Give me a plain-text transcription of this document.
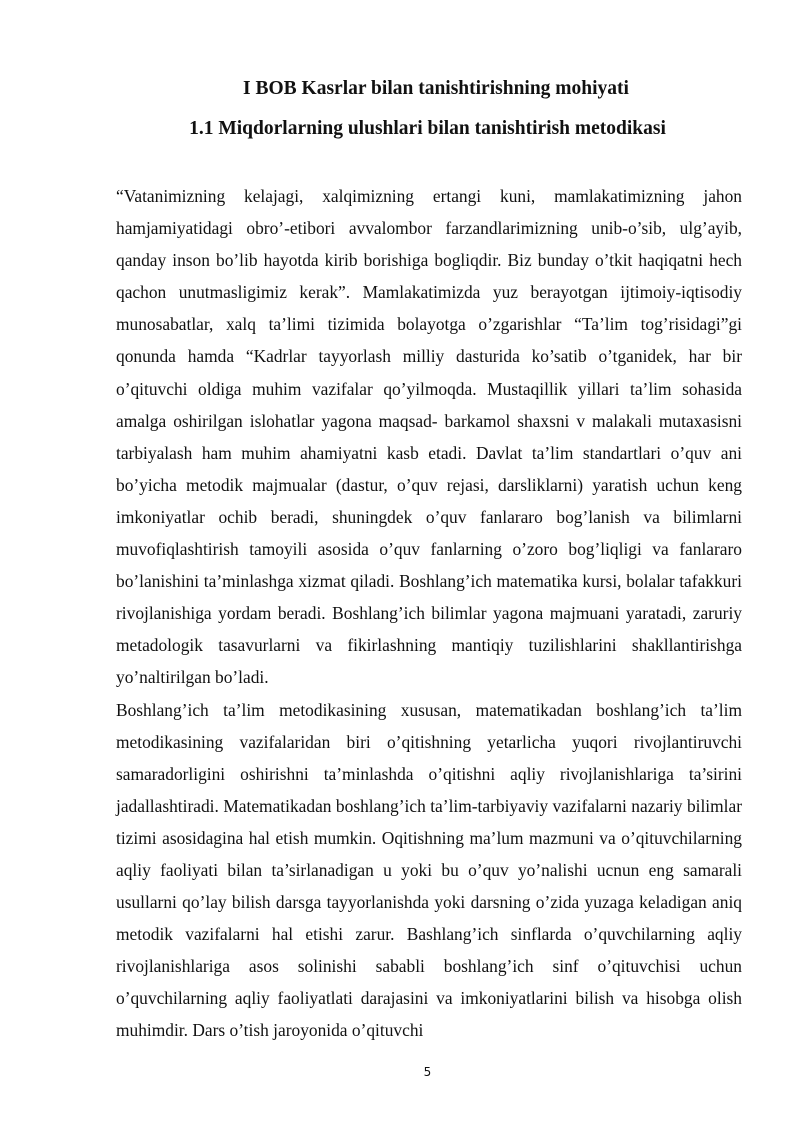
I BOB Kasrlar bilan tanishtirishning mohiyati
1.1 Miqdorlarning ulushlari bilan tanishtirish metodikasi

“Vatanimizning kelajagi, xalqimizning ertangi kuni, mamlakatimizning jahon hamjamiyatidagi obro’-etibori avvalombor farzandlarimizning unib-o’sib, ulg’ayib, qanday inson bo’lib hayotda kirib borishiga bogliqdir. Biz bunday o’tkit haqiqatni hech qachon unutmasligimiz kerak”. Mamlakatimizda yuz berayotgan ijtimoiy-iqtisodiy munosabatlar, xalq ta’limi tizimida bolayotga o’zgarishlar “Ta’lim tog’risidagi”gi qonunda hamda “Kadrlar tayyorlash milliy dasturida ko’satib o’tganidek, har bir o’qituvchi oldiga muhim vazifalar qo’yilmoqda. Mustaqillik yillari ta’lim sohasida amalga oshirilgan islohatlar yagona maqsad- barkamol shaxsni v malakali mutaxasisni tarbiyalash ham muhim ahamiyatni kasb etadi. Davlat ta’lim standartlari o’quv ani bo’yicha metodik majmualar (dastur, o’quv rejasi, darsliklarni) yaratish uchun keng imkoniyatlar ochib beradi, shuningdek o’quv fanlararo bog’lanish va bilimlarni muvofiqlashtirish tamoyili asosida o’quv fanlarning o’zoro bog’liqligi va fanlararo bo’lanishini ta’minlashga xizmat qiladi. Boshlang’ich matematika kursi, bolalar tafakkuri rivojlanishiga yordam beradi. Boshlang’ich bilimlar yagona majmuani yaratadi, zaruriy metadologik tasavurlarni va fikirlashning mantiqiy tuzilishlarini shakllantirishga yo’naltirilgan bo’ladi.

Boshlang’ich ta’lim metodikasining xususan, matematikadan boshlang’ich ta’lim metodikasining vazifalaridan biri o’qitishning yetarlicha yuqori rivojlantiruvchi samaradorligini oshirishni ta’minlashda o’qitishni aqliy rivojlanishlariga ta’sirini jadallashtiradi. Matematikadan boshlang’ich ta’lim-tarbiyaviy vazifalarni nazariy bilimlar tizimi asosidagina hal etish mumkin. Oqitishning ma’lum mazmuni va o’qituvchilarning aqliy faoliyati bilan ta’sirlanadigan u yoki bu o’quv yo’nalishi ucnun eng samarali usullarni qo’lay bilish darsga tayyorlanishda yoki darsning o’zida yuzaga keladigan aniq metodik vazifalarni hal etishi zarur. Bashlang’ich sinflarda o’quvchilarning aqliy rivojlanishlariga asos solinishi sababli boshlang’ich sinf o’qituvchisi uchun o’quvchilarning aqliy faoliyatlati darajasini va imkoniyatlarini bilish va hisobga olish muhimdir. Dars o’tish jaroyonida o’qituvchi

5
